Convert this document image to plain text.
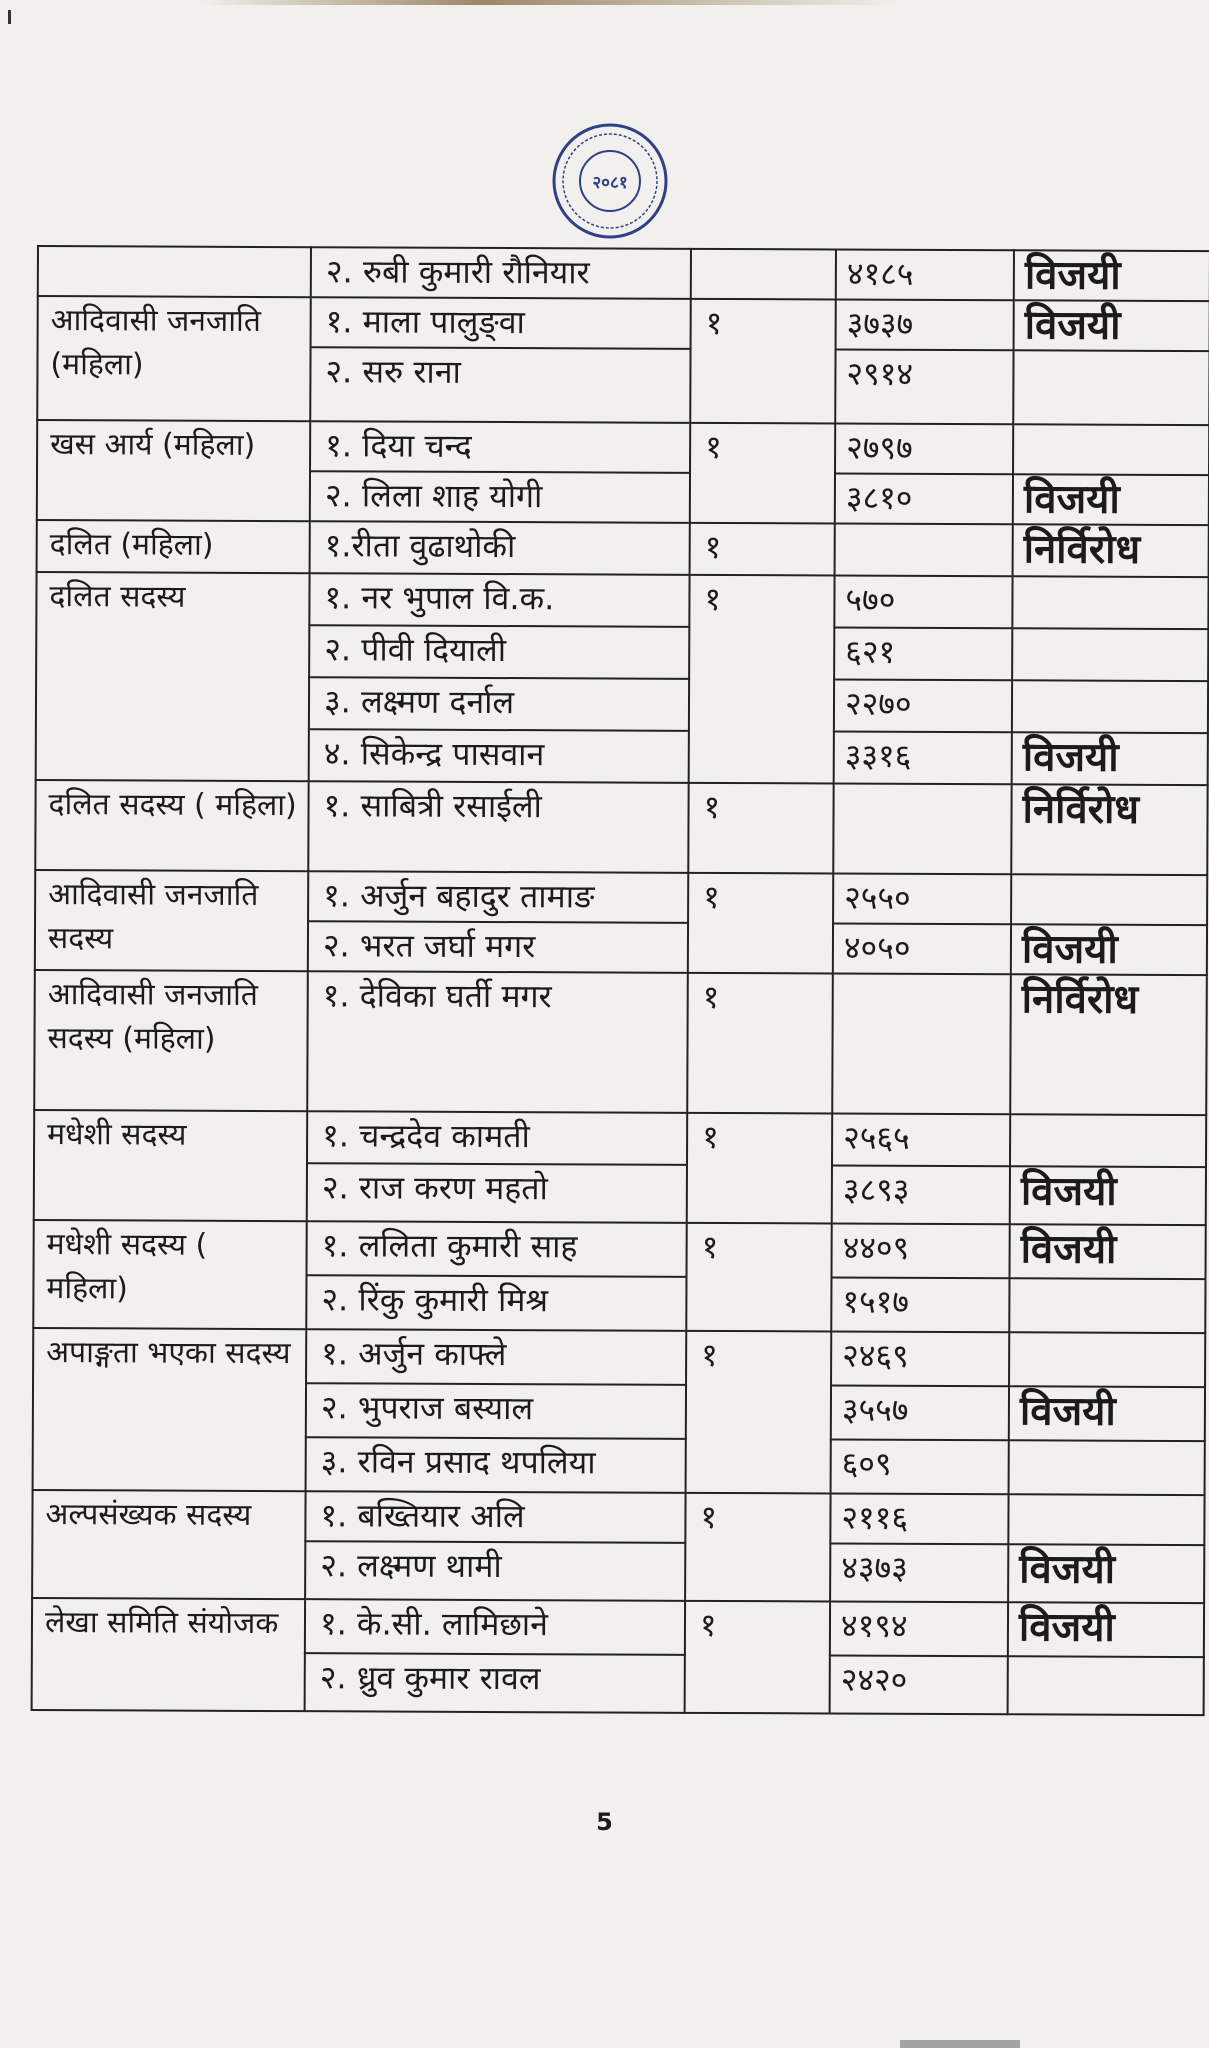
२०८१
	२. रुबी कुमारी रौनियार		४१८५	विजयी
आदिवासी जनजाति (महिला)	१. माला पालुङ्वा	१	३७३७	विजयी
	२. सरु राना		२९१४	
खस आर्य (महिला)	१. दिया चन्द	१	२७९७	
	२. लिला शाह योगी		३८१०	विजयी
दलित (महिला)	१.रीता वुढाथोकी	१		निर्विरोध
दलित सदस्य	१. नर भुपाल वि.क.	१	५७०	
	२. पीवी दियाली		६२१	
	३. लक्ष्मण दर्नाल		२२७०	
	४. सिकेन्द्र पासवान		३३१६	विजयी
दलित सदस्य ( महिला)	१. साबित्री रसाईली	१		निर्विरोध
आदिवासी जनजाति सदस्य	१. अर्जुन बहादुर तामाङ	१	२५५०	
	२. भरत जर्घा मगर		४०५०	विजयी
आदिवासी जनजाति सदस्य (महिला)	१. देविका घर्ती मगर	१		निर्विरोध
मधेशी सदस्य	१. चन्द्रदेव कामती	१	२५६५	
	२. राज करण महतो		३८९३	विजयी
मधेशी सदस्य ( महिला)	१. ललिता कुमारी साह	१	४४०९	विजयी
	२. रिंकु कुमारी मिश्र		१५१७	
अपाङ्गता भएका सदस्य	१. अर्जुन काफ्ले	१	२४६९	
	२. भुपराज बस्याल		३५५७	विजयी
	३. रविन प्रसाद थपलिया		६०९	
अल्पसंख्यक सदस्य	१. बख्तियार अलि	१	२११६	
	२. लक्ष्मण थामी		४३७३	विजयी
लेखा समिति संयोजक	१. के.सी. लामिछाने	१	४१९४	विजयी
	२. ध्रुव कुमार रावल		२४२०	
5
